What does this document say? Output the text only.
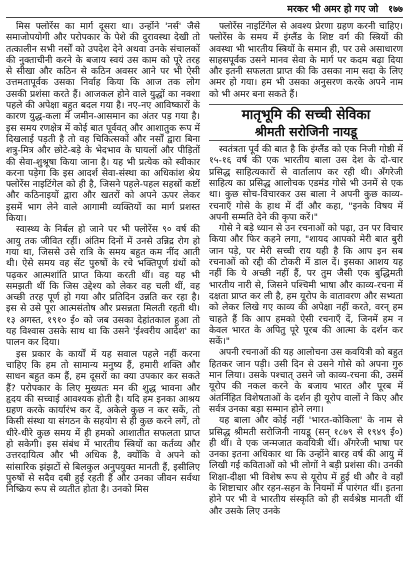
मरकर भी अमर हो गए जो १७७

मिस फ्लोरेंस का मार्ग दूसरा था। उन्होंने 'नर्स' जैसे समाजोपयोगी और परोपकार के पेशे की दुरावस्था देखी तो तत्कालीन सभी नर्सों को उपदेश देने अथवा उनके संचालकों की नुक्ताचीनी करने के बजाय स्वयं उस काम को पूरे तरह से सीखा और कठिन से कठिन अवसर आने पर भी ऐसी उत्तमतापूर्वक उसका निर्वाह किया कि आज तक लोग उसकी प्रशंसा करते हैं। आजकल होने वाले युद्धों का नक्शा पहले की अपेक्षा बहुत बदल गया है। नए-नए आविष्कारों के कारण युद्ध-कला में जमीन-आसमान का अंतर पड़ गया है। इस समय रणक्षेत्र में कोई बात पूर्ववत् और आशातुक रूप में दिखलाई पड़ती है तो वह चिकित्सकों और नर्सों द्वारा बिना शत्रु-मित्र और छोटे-बड़े के भेदभाव के घायलों और पीड़ितों की सेवा-शुश्रूषा किया जाना है। यह भी प्रत्येक को स्वीकार करना पड़ेगा कि इस आदर्श सेवा-संस्था का अधिकांश श्रेय फ्लोरेंस नाइटिंगेल को ही है, जिसने पहले-पहल सहस्रों कष्टों और कठिनाइयों द्वारा और खतरों को अपने ऊपर लेकर इसमें भाग लेने वाले आगामी व्यक्तियों का मार्ग प्रशस्त किया।

स्वास्थ्य के निर्बल हो जाने पर भी फ्लोरेंस ९० वर्ष की आयु तक जीवित रहीं। अंतिम दिनों में उनसे उन्निद्र रोग हो गया था, जिससे उसे रात्रि के समय बहुत कम नींद आती थी। ऐसे समय वह सेंट पुरुषों के रचे भक्तिपूर्ण ग्रंथों को पढ़कर आत्मशांति प्राप्त किया करती थीं। वह यह भी समझती थीं कि जिस उद्देश्य को लेकर वह चली थीं, वह अच्छी तरह पूर्ण हो गया और प्रतिदिन उन्नति कर रहा है। इस से उसे पूरा आत्मसंतोष और प्रसन्नता मिलती रहती थी। १३ अगस्त, १९१० ई० को जब उसका देहांतकाल हुआ तो यह विश्वास उसके साथ था कि उसने 'ईश्वरीय आदेश' का पालन कर दिया।

इस प्रकार के कार्यों में यह सवाल पहले नहीं करना चाहिए कि हम तो सामान्य मनुष्य हैं, हमारी शक्ति और साधन बहुत कम हैं, हम दूसरों का क्या उपकार कर सकते हैं? परोपकार के लिए मुख्यतः मन की शुद्ध भावना और हृदय की सच्चाई आवश्यक होती है। यदि हम इनका आश्रय ग्रहण करके कार्यारंभ कर दें, अकेले कुछ न कर सकें, तो किसी संस्था या संगठन के सहयोग से ही कुछ करने लगें, तो धीरे-धीरे कुछ समय में ही हमको आशातीत सफलता प्राप्त हो सकेगी। इस संबंध में भारतीय स्त्रियों का कर्तव्य और उत्तरदायित्व और भी अधिक है, क्योंकि वे अपने को सांसारिक झंझटों से बिलकुल अनुपयुक्त मानती हैं, इसीलिए पुरुषों से सदैव दबी हुई रहती हैं और उनका जीवन सर्वथा निष्क्रिय रूप से व्यतीत होता है। उनको मिस

फ्लोरेंस नाइटिंगेल से अवश्य प्रेरणा ग्रहण करनी चाहिए। फ्लोरेंस के समय में इंग्लैंड के शिष्ट वर्ग की स्त्रियों की अवस्था भी भारतीय स्त्रियों के समान ही, पर उसे असाधारण साहसपूर्वक उसने मानव सेवा के मार्ग पर कदम बढ़ा दिया और इतनी सफलता प्राप्त की कि उसका नाम सदा के लिए अमर हो गया। हम भी उसका अनुसरण करके अपने नाम को भी अमर बना सकते हैं।

मातृभूमि की सच्ची सेविका
श्रीमती सरोजिनी नायडू

स्वतंत्रता पूर्व की बात है कि इंग्लैंड को एक निजी गोष्ठी में १५-१६ वर्ष की एक भारतीय बाला उस देश के दो-चार प्रसिद्ध साहित्यकारों से वार्तालाप कर रही थी। अँगरेजी साहित्य का प्रसिद्ध आलोचक एडमंड गोसे भी उनमें से एक था। कुछ सोच-विचारकर उस बाला ने अपनी कुछ काव्य-रचनाएँ गोसे के हाथ में दीं और कहा, "इनके विषय में अपनी सम्मति देने की कृपा करें।"

गोसे ने बड़े ध्यान से उन रचनाओं को पढ़ा, उन पर विचार किया और फिर कहने लगा, "शायद आपको मेरी बात बुरी जान पड़े, पर मेरी सच्ची राय यही है कि आप इन सब रचनाओं को रद्दी की टोकरी में डाल दें। इसका आशय यह नहीं कि ये अच्छी नहीं हैं, पर तुम जैसी एक बुद्धिमती भारतीय नारी से, जिसने पश्चिमी भाषा और काव्य-रचना में दक्षता प्राप्त कर ली है, हम यूरोप के वातावरण और सभ्यता को लेकर लिखे गए काव्य की अपेक्षा नहीं करते, वरन् हम चाहते हैं कि आप हमको ऐसी रचनाएँ दें, जिनमें हम न केवल भारत के अपितु पूरे पूरब की आत्मा के दर्शन कर सकें।"

अपनी रचनाओं की यह आलोचना उस कवयित्री को बहुत हितकर जान पड़ी। उसी दिन से उसने गोसे को अपना गुरु मान लिया। उसके पश्चात् उसने जो काव्य-रचना की, उसमें यूरोप की नकल करने के बजाय भारत और पूरब में अंतर्निहित विशेषताओं के दर्शन ही यूरोप वालों ने किए और सर्वत्र उनका बड़ा सम्मान होने लगा।

यह बाला और कोई नहीं 'भारत-कोकिला' के नाम से प्रसिद्ध श्रीमती सरोजिनी नायडू (सन् १८७९ से १९४९ ई०) ही थीं। वे एक जन्मजात कवयित्री थीं। अँगरेजी भाषा पर उनका इतना अधिकार था कि उन्होंने बारह वर्ष की आयु में लिखी गई कविताओं को भी लोगों ने बड़ी प्रशंसा की। उनकी शिक्षा-दीक्षा भी विशेष रूप से यूरोप में हुई थी और वे वहाँ के शिष्टाचार और रहन-सहन के नियमों में पारंगत थीं। इतना होने पर भी वे भारतीय संस्कृति को ही सर्वश्रेष्ठ मानती थीं और उसके लिए उनके
